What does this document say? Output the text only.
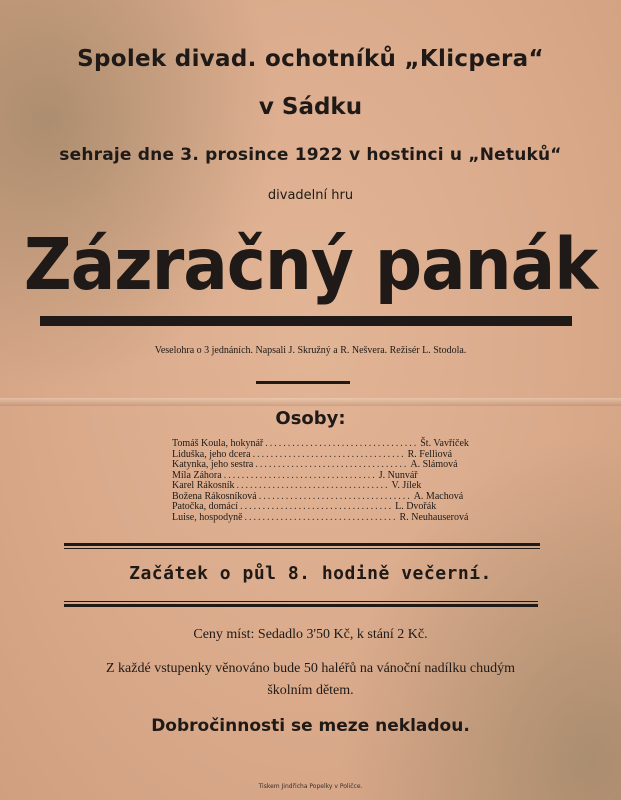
Spolek divad. ochotníků „Klicpera“
v Sádku
sehraje dne 3. prosince 1922 v hostinci u „Netuků“
divadelní hru
Zázračný panák
Veselohra o 3 jednáních. Napsali J. Skružný a R. Nešvera. Režisér L. Stodola.
Osoby:
Tomáš Koula, hokynář .................................. Št. Vavříček
Liduška, jeho dcera .................................. R. Fellìová
Katynka, jeho sestra .................................. A. Slámová
Míla Záhora .................................. J. Nunvář
Karel Rákosník .................................. V. Jílek
Božena Rákosníková .................................. A. Machová
Patočka, domácí .................................. L. Dvořák
Luise, hospodyně .................................. R. Neuhauserová
Začátek o půl 8. hodině večerní.
Ceny míst: Sedadlo 3'50 Kč, k stání 2 Kč.
Z každé vstupenky věnováno bude 50 haléřů na vánoční nadílku chudým
školním dětem.
Dobročinnosti se meze nekladou.
Tiskem Jindřicha Popelky v Poličce.
